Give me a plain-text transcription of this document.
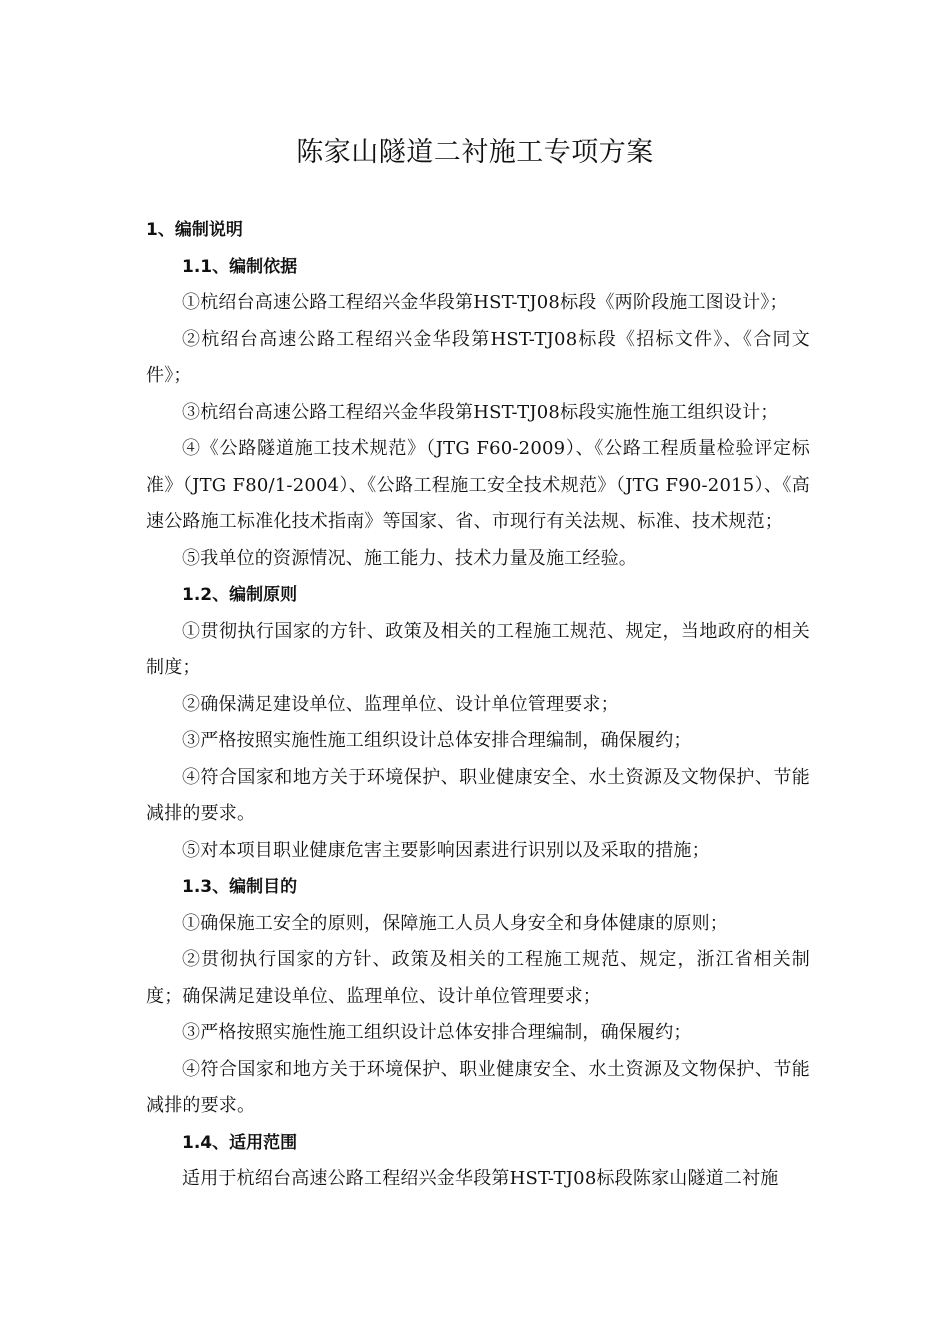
陈家山隧道二衬施工专项方案
1、编制说明
1.1、编制依据

①杭绍台高速公路工程绍兴金华段第HST-TJ08标段《两阶段施工图设计》；

②杭绍台高速公路工程绍兴金华段第HST-TJ08标段《招标文件》、《合同文件》；

③杭绍台高速公路工程绍兴金华段第HST-TJ08标段实施性施工组织设计；

④《公路隧道施工技术规范》（JTG F60-2009）、《公路工程质量检验评定标准》（JTG F80/1-2004）、《公路工程施工安全技术规范》（JTG F90-2015）、《高速公路施工标准化技术指南》等国家、省、市现行有关法规、标准、技术规范；

⑤我单位的资源情况、施工能力、技术力量及施工经验。

1.2、编制原则

①贯彻执行国家的方针、政策及相关的工程施工规范、规定，当地政府的相关制度；

②确保满足建设单位、监理单位、设计单位管理要求；

③严格按照实施性施工组织设计总体安排合理编制，确保履约；

④符合国家和地方关于环境保护、职业健康安全、水土资源及文物保护、节能减排的要求。

⑤对本项目职业健康危害主要影响因素进行识别以及采取的措施；

1.3、编制目的

①确保施工安全的原则，保障施工人员人身安全和身体健康的原则；

②贯彻执行国家的方针、政策及相关的工程施工规范、规定，浙江省相关制度；确保满足建设单位、监理单位、设计单位管理要求；

③严格按照实施性施工组织设计总体安排合理编制，确保履约；

④符合国家和地方关于环境保护、职业健康安全、水土资源及文物保护、节能减排的要求。

1.4、适用范围

适用于杭绍台高速公路工程绍兴金华段第HST-TJ08标段陈家山隧道二衬施
